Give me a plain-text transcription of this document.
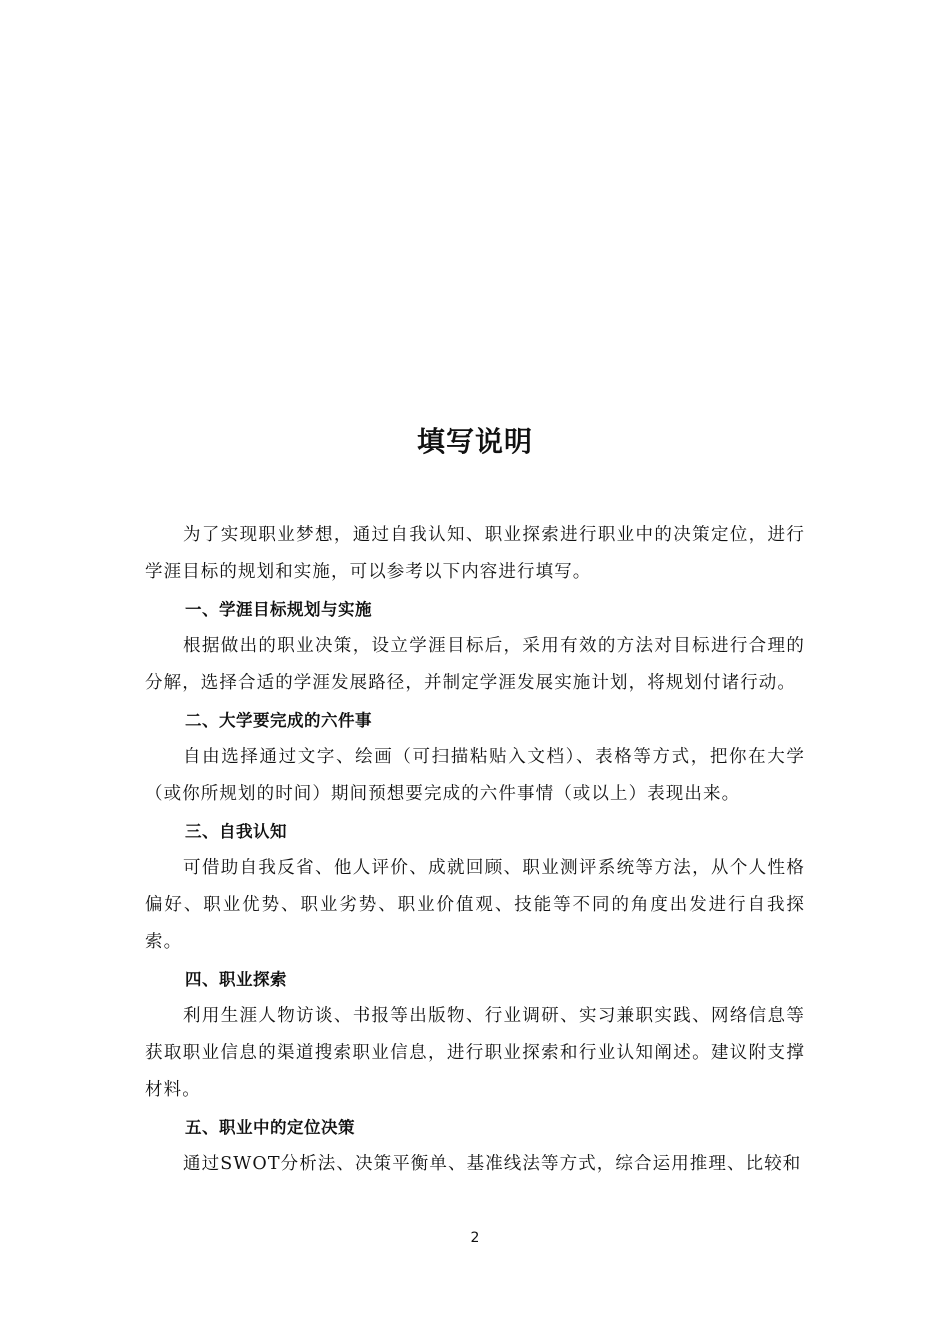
填写说明

为了实现职业梦想，通过自我认知、职业探索进行职业中的决策定位，进行学涯目标的规划和实施，可以参考以下内容进行填写。

一、学涯目标规划与实施

根据做出的职业决策，设立学涯目标后，采用有效的方法对目标进行合理的分解，选择合适的学涯发展路径，并制定学涯发展实施计划，将规划付诸行动。

二、大学要完成的六件事

自由选择通过文字、绘画（可扫描粘贴入文档）、表格等方式，把你在大学（或你所规划的时间）期间预想要完成的六件事情（或以上）表现出来。

三、自我认知

可借助自我反省、他人评价、成就回顾、职业测评系统等方法，从个人性格偏好、职业优势、职业劣势、职业价值观、技能等不同的角度出发进行自我探索。

四、职业探索

利用生涯人物访谈、书报等出版物、行业调研、实习兼职实践、网络信息等获取职业信息的渠道搜索职业信息，进行职业探索和行业认知阐述。建议附支撑材料。

五、职业中的定位决策

通过SWOT分析法、决策平衡单、基准线法等方式，综合运用推理、比较和

2
